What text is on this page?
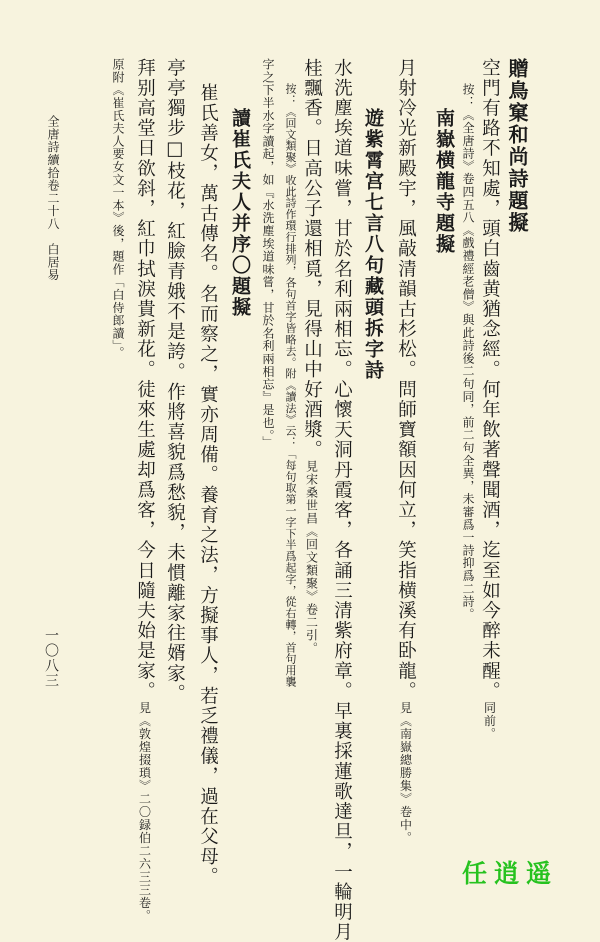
贈鳥窠和尚詩題擬
空門有路不知處，頭白齒黄猶念經。何年飲著聲聞酒，迄至如今醉未醒。同前。
按：《全唐詩》卷四五八《戲禮經老僧》與此詩後二句同，前二句全異，未審爲一詩抑爲二詩。
南嶽横龍寺題擬
月射冷光新殿宇，風敲清韻古杉松。問師寶額因何立，笑指横溪有卧龍。見《南嶽總勝集》卷中。
遊紫霄宫七言八句藏頭拆字詩
水洗塵埃道味嘗，甘於名利兩相忘。心懷天洞丹霞客，各誦三清紫府章。早裏採蓮歌達旦，一輪明月
桂飄香。日高公子還相覓，見得山中好酒漿。見宋桑世昌《回文類聚》卷二引。
按：《回文類聚》收此詩作環行排列，各句首字皆略去。附《讀法》云：「每句取第一字下半爲起字，從右轉，首句用襲
字之下半水字讀起，如『水洗塵埃道味嘗，甘於名利兩相忘』是也。」
讀崔氏夫人并序〇題擬
崔氏善女，萬古傳名。名而察之，實亦周備。養育之法，方擬事人，若乏禮儀，過在父母。
亭亭獨步□枝花，紅臉青娥不是誇。作將喜貌爲愁貌，未慣離家往婿家。
拜别高堂日欲斜，紅巾拭淚貴新花。徒來生處却爲客，今日隨夫始是家。見《敦煌掇瑣》二〇録伯二六三三卷。
原附《崔氏夫人要女文一本》後，題作「白侍郎讀」。
全唐詩續拾卷二十八　白居易
一〇八三
任逍遥
